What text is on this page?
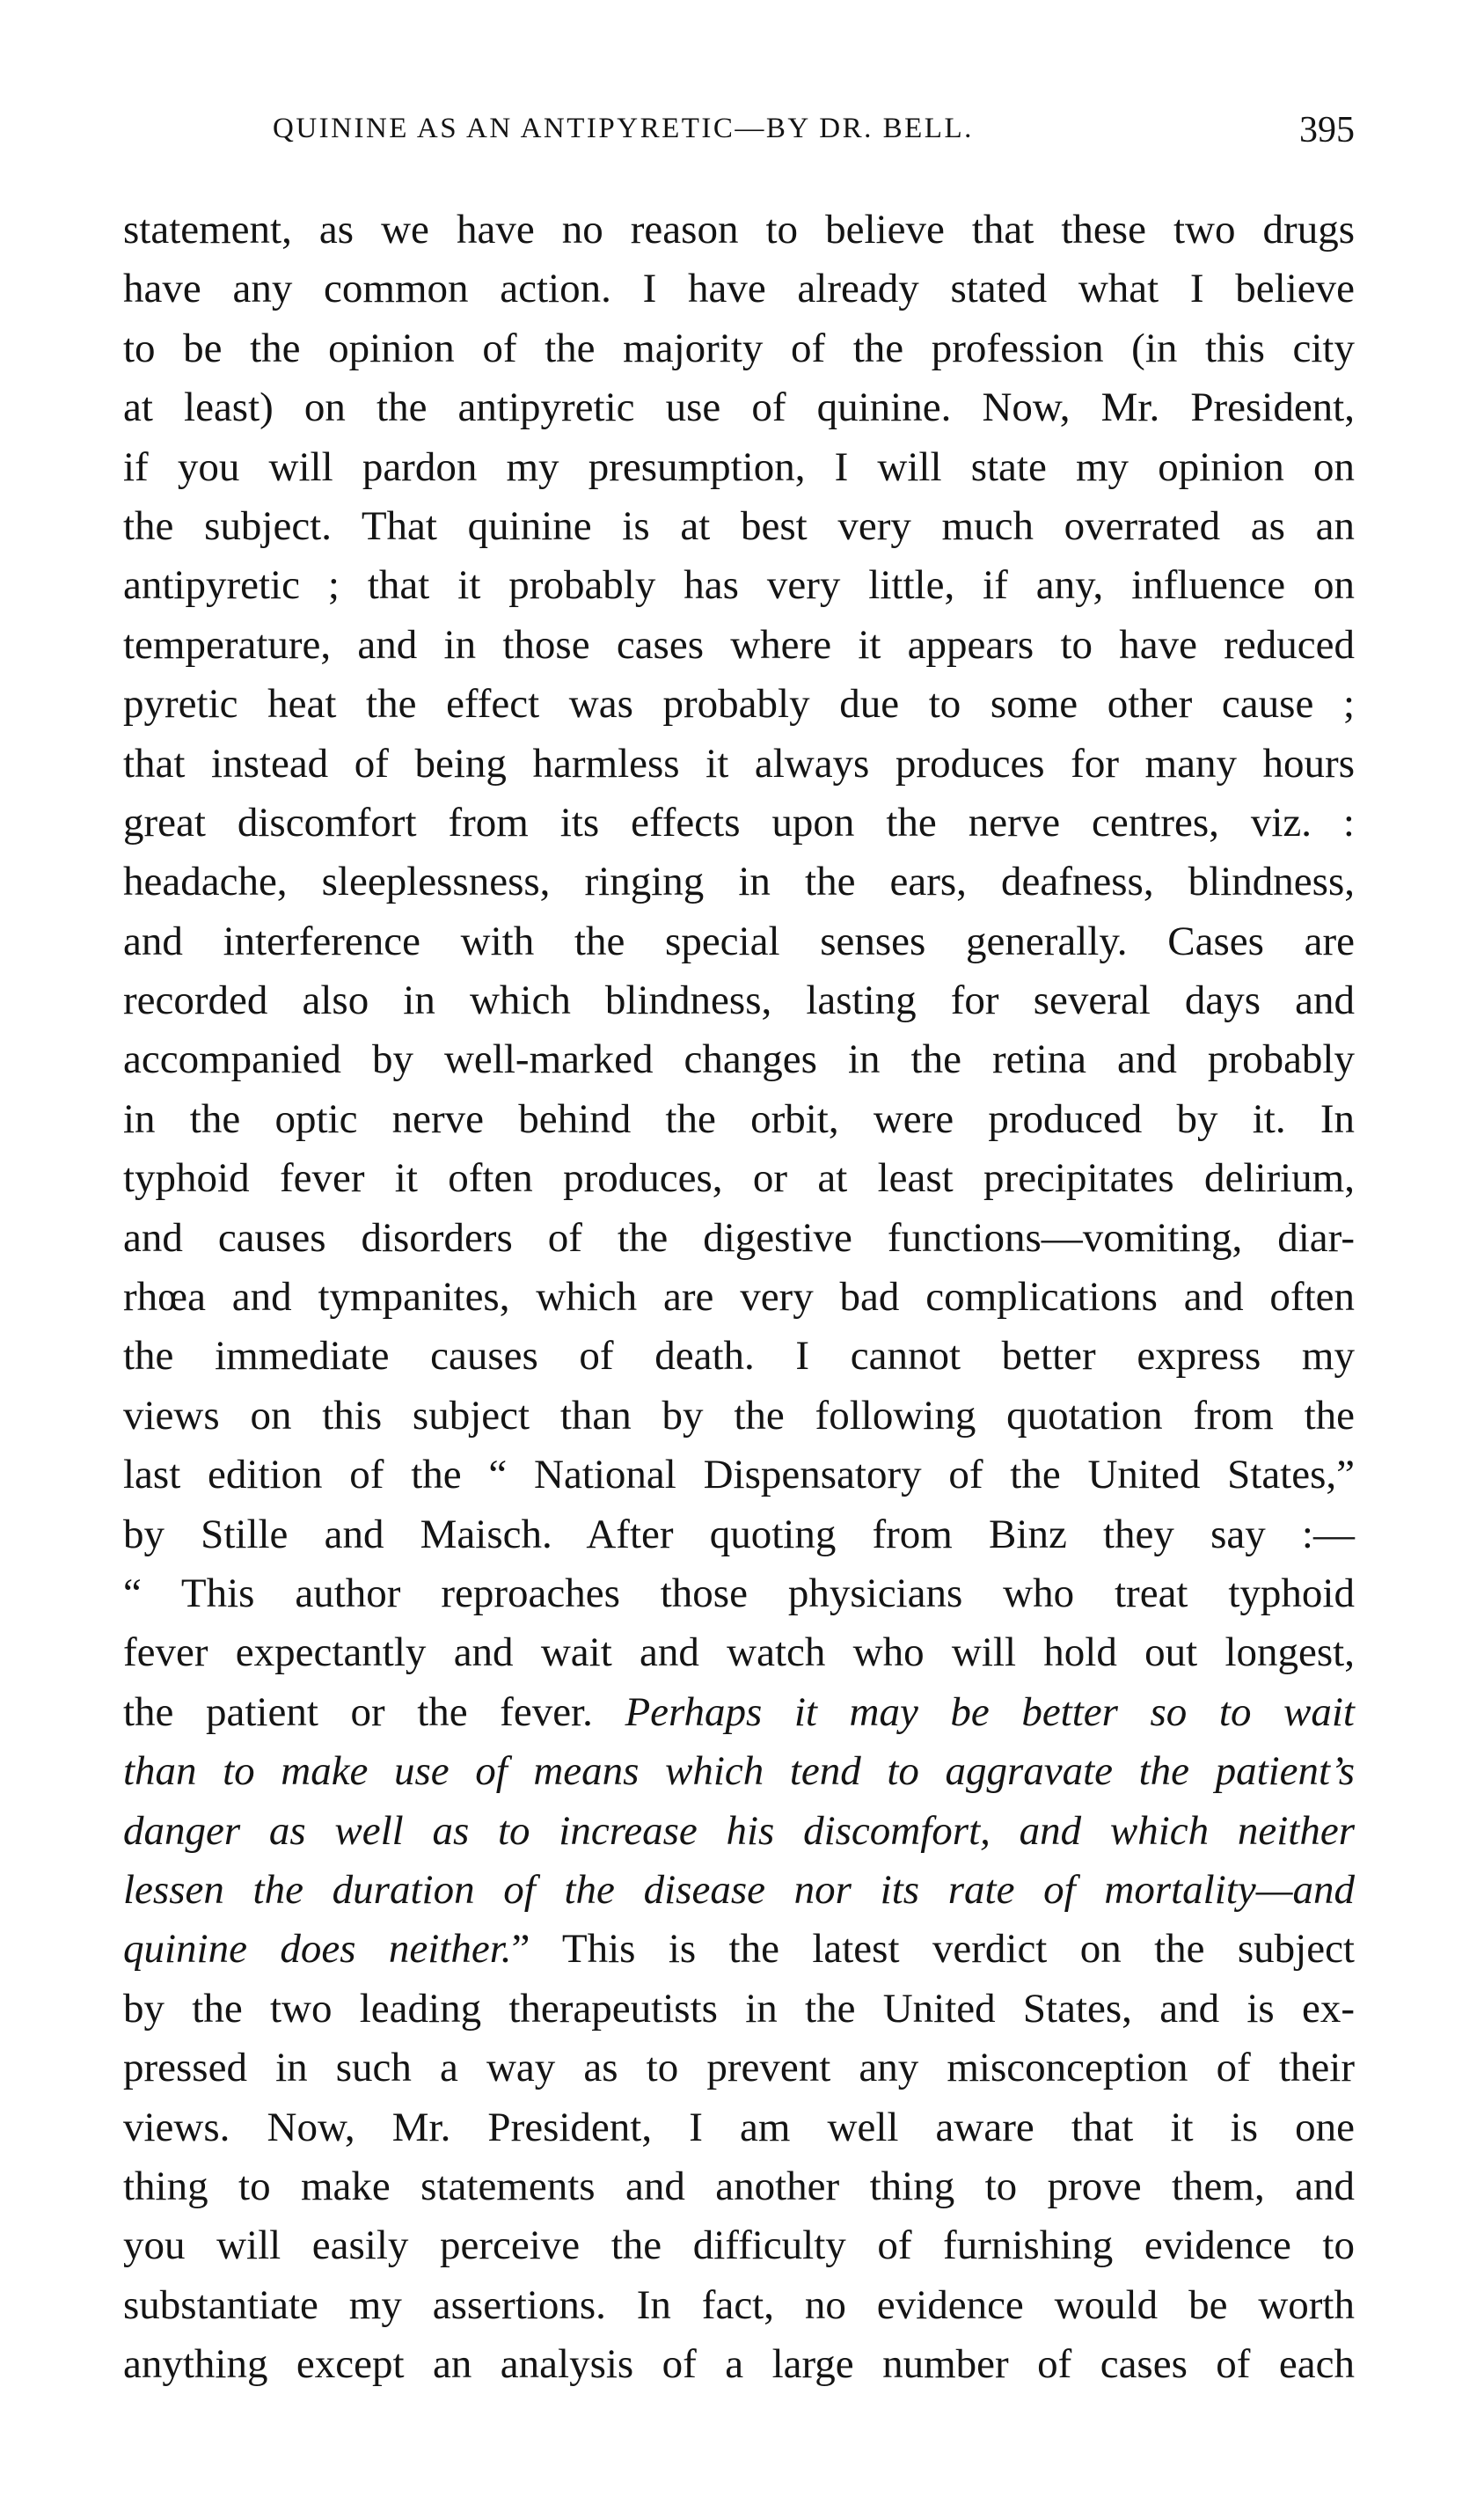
QUININE AS AN ANTIPYRETIC—BY DR. BELL.	395
statement, as we have no reason to believe that these two drugs
have any common action. I have already stated what I believe
to be the opinion of the majority of the profession (in this city
at least) on the antipyretic use of quinine. Now, Mr. President,
if you will pardon my presumption, I will state my opinion on
the subject. That quinine is at best very much overrated as an
antipyretic ; that it probably has very little, if any, influence on
temperature, and in those cases where it appears to have reduced
pyretic heat the effect was probably due to some other cause ;
that instead of being harmless it always produces for many hours
great discomfort from its effects upon the nerve centres, viz. :
headache, sleeplessness, ringing in the ears, deafness, blindness,
and interference with the special senses generally. Cases are
recorded also in which blindness, lasting for several days and
accompanied by well-marked changes in the retina and probably
in the optic nerve behind the orbit, were produced by it. In
typhoid fever it often produces, or at least precipitates delirium,
and causes disorders of the digestive functions—vomiting, diar-
rhœa and tympanites, which are very bad complications and often
the immediate causes of death. I cannot better express my
views on this subject than by the following quotation from the
last edition of the “ National Dispensatory of the United States,”
by Stille and Maisch. After quoting from Binz they say :—
“ This author reproaches those physicians who treat typhoid
fever expectantly and wait and watch who will hold out longest,
the patient or the fever. Perhaps it may be better so to wait
than to make use of means which tend to aggravate the patient’s
danger as well as to increase his discomfort, and which neither
lessen the duration of the disease nor its rate of mortality—and
quinine does neither.” This is the latest verdict on the subject
by the two leading therapeutists in the United States, and is ex-
pressed in such a way as to prevent any misconception of their
views. Now, Mr. President, I am well aware that it is one
thing to make statements and another thing to prove them, and
you will easily perceive the difficulty of furnishing evidence to
substantiate my assertions. In fact, no evidence would be worth
anything except an analysis of a large number of cases of each
